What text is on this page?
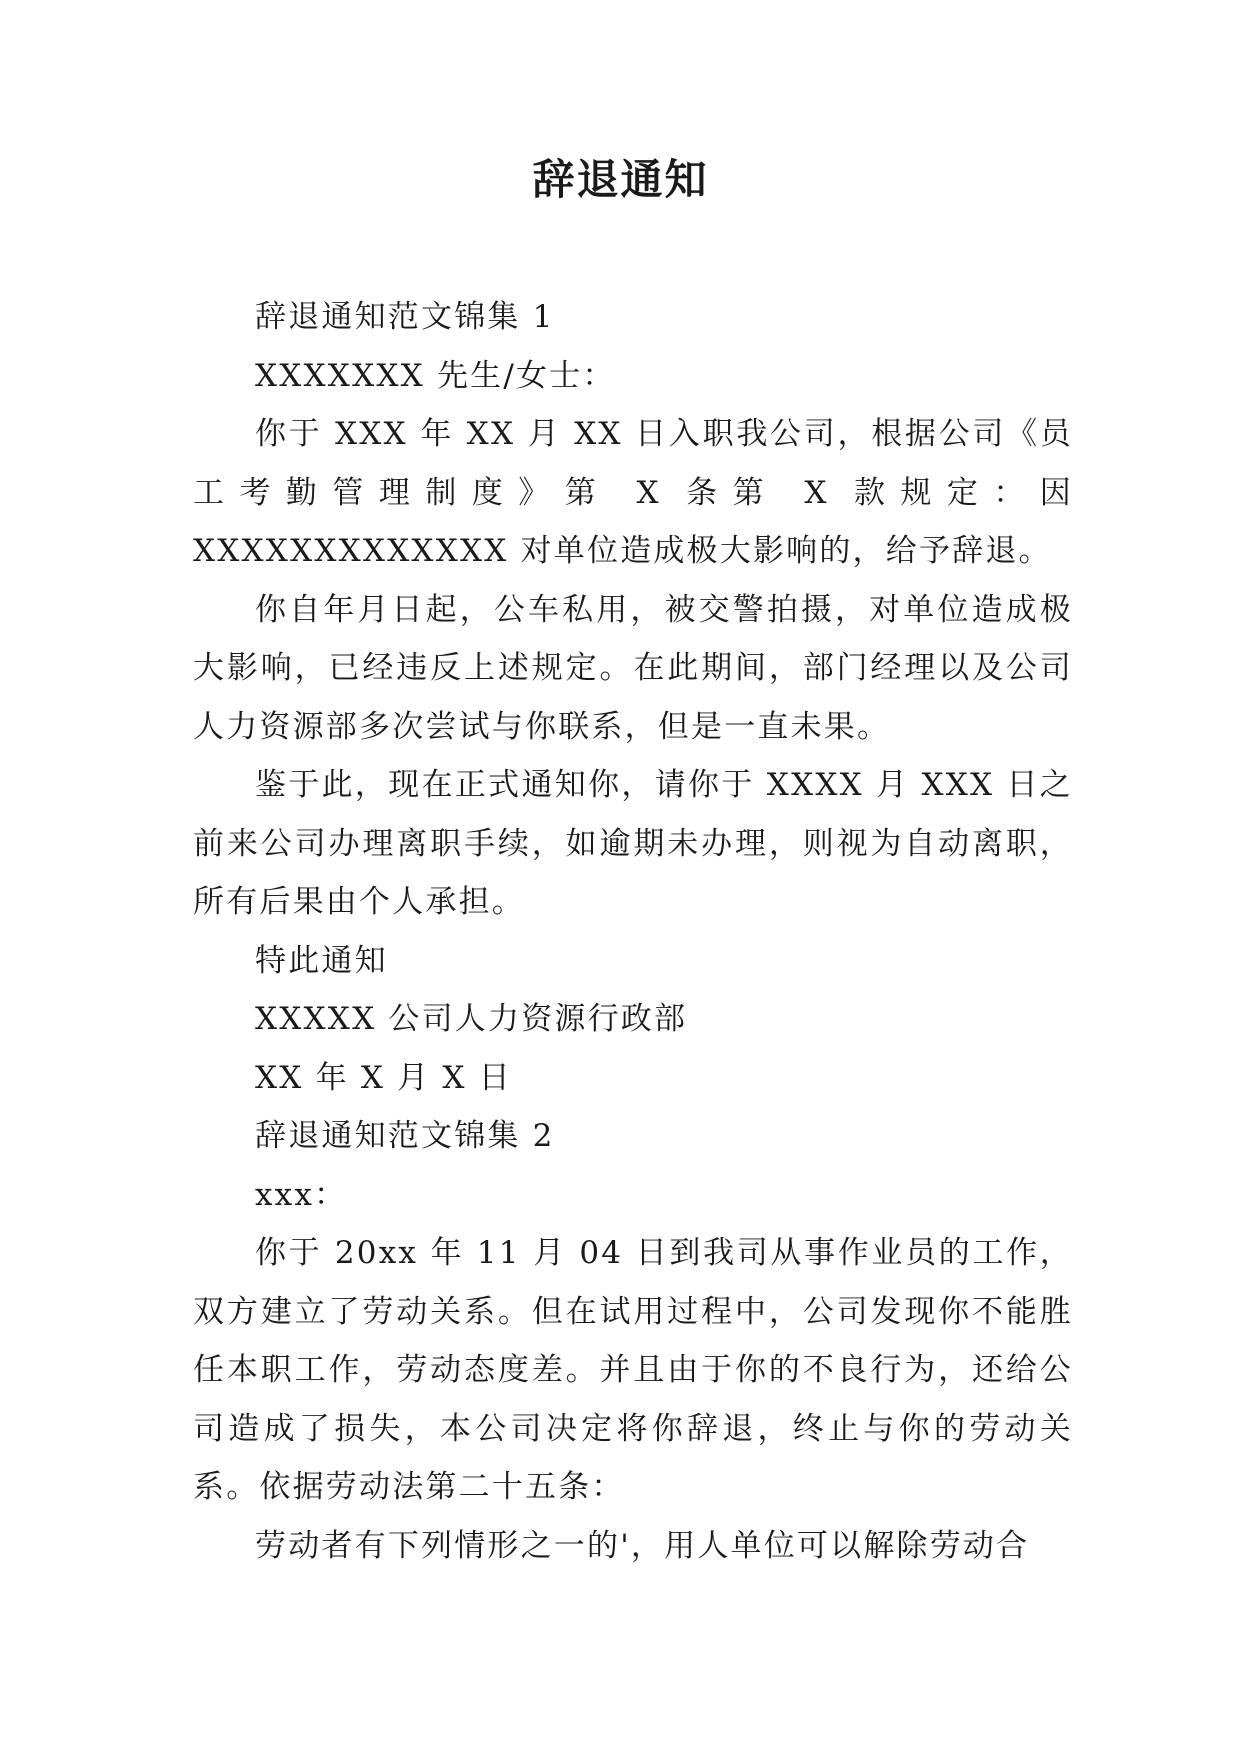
辞退通知

辞退通知范文锦集 1

XXXXXXX 先生/女士：

你于 XXX 年 XX 月 XX 日入职我公司，根据公司《员工考勤管理制度》第 X 条第 X 款规定：因 XXXXXXXXXXXXX 对单位造成极大影响的，给予辞退。

你自年月日起，公车私用，被交警拍摄，对单位造成极大影响，已经违反上述规定。在此期间，部门经理以及公司人力资源部多次尝试与你联系，但是一直未果。

鉴于此，现在正式通知你，请你于 XXXX 月 XXX 日之前来公司办理离职手续，如逾期未办理，则视为自动离职，所有后果由个人承担。

特此通知

XXXXX 公司人力资源行政部

XX 年 X 月 X 日

辞退通知范文锦集 2

xxx：

你于 20xx 年 11 月 04 日到我司从事作业员的工作，双方建立了劳动关系。但在试用过程中，公司发现你不能胜任本职工作，劳动态度差。并且由于你的不良行为，还给公司造成了损失，本公司决定将你辞退，终止与你的劳动关系。依据劳动法第二十五条：

劳动者有下列情形之一的'，用人单位可以解除劳动合
